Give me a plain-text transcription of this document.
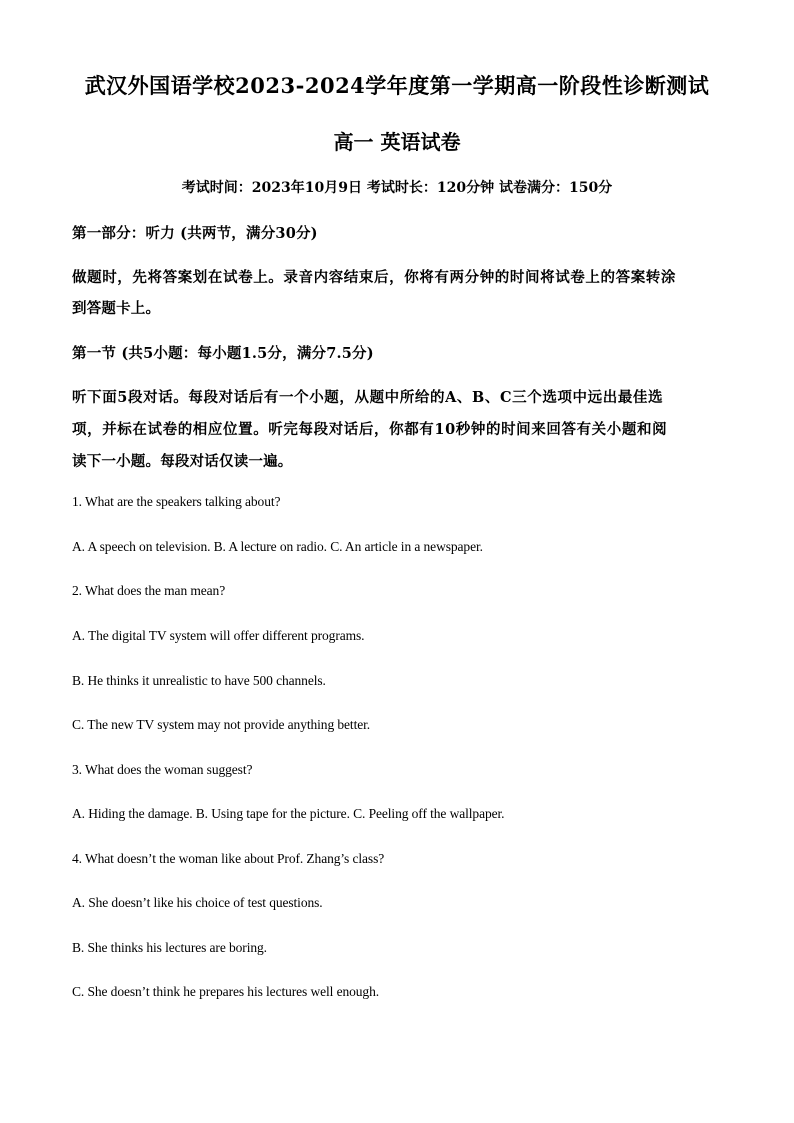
武汉外国语学校2023-2024学年度第一学期高一阶段性诊断测试
高一 英语试卷
考试时间：2023年10月9日 考试时长：120分钟 试卷满分：150分
第一部分：听力 (共两节，满分30分)
做题时，先将答案划在试卷上。录音内容结束后，你将有两分钟的时间将试卷上的答案转涂
到答题卡上。
第一节 (共5小题：每小题1.5分，满分7.5分)
听下面5段对话。每段对话后有一个小题，从题中所给的A、B、C三个选项中远出最佳选
项，并标在试卷的相应位置。听完每段对话后，你都有10秒钟的时间来回答有关小题和阅
读下一小题。每段对话仅读一遍。
1. What are the speakers talking about?
A. A speech on television. B. A lecture on radio. C. An article in a newspaper.
2. What does the man mean?
A. The digital TV system will offer different programs.
B. He thinks it unrealistic to have 500 channels.
C. The new TV system may not provide anything better.
3. What does the woman suggest?
A. Hiding the damage. B. Using tape for the picture. C. Peeling off the wallpaper.
4. What doesn’t the woman like about Prof. Zhang’s class?
A. She doesn’t like his choice of test questions.
B. She thinks his lectures are boring.
C. She doesn’t think he prepares his lectures well enough.
